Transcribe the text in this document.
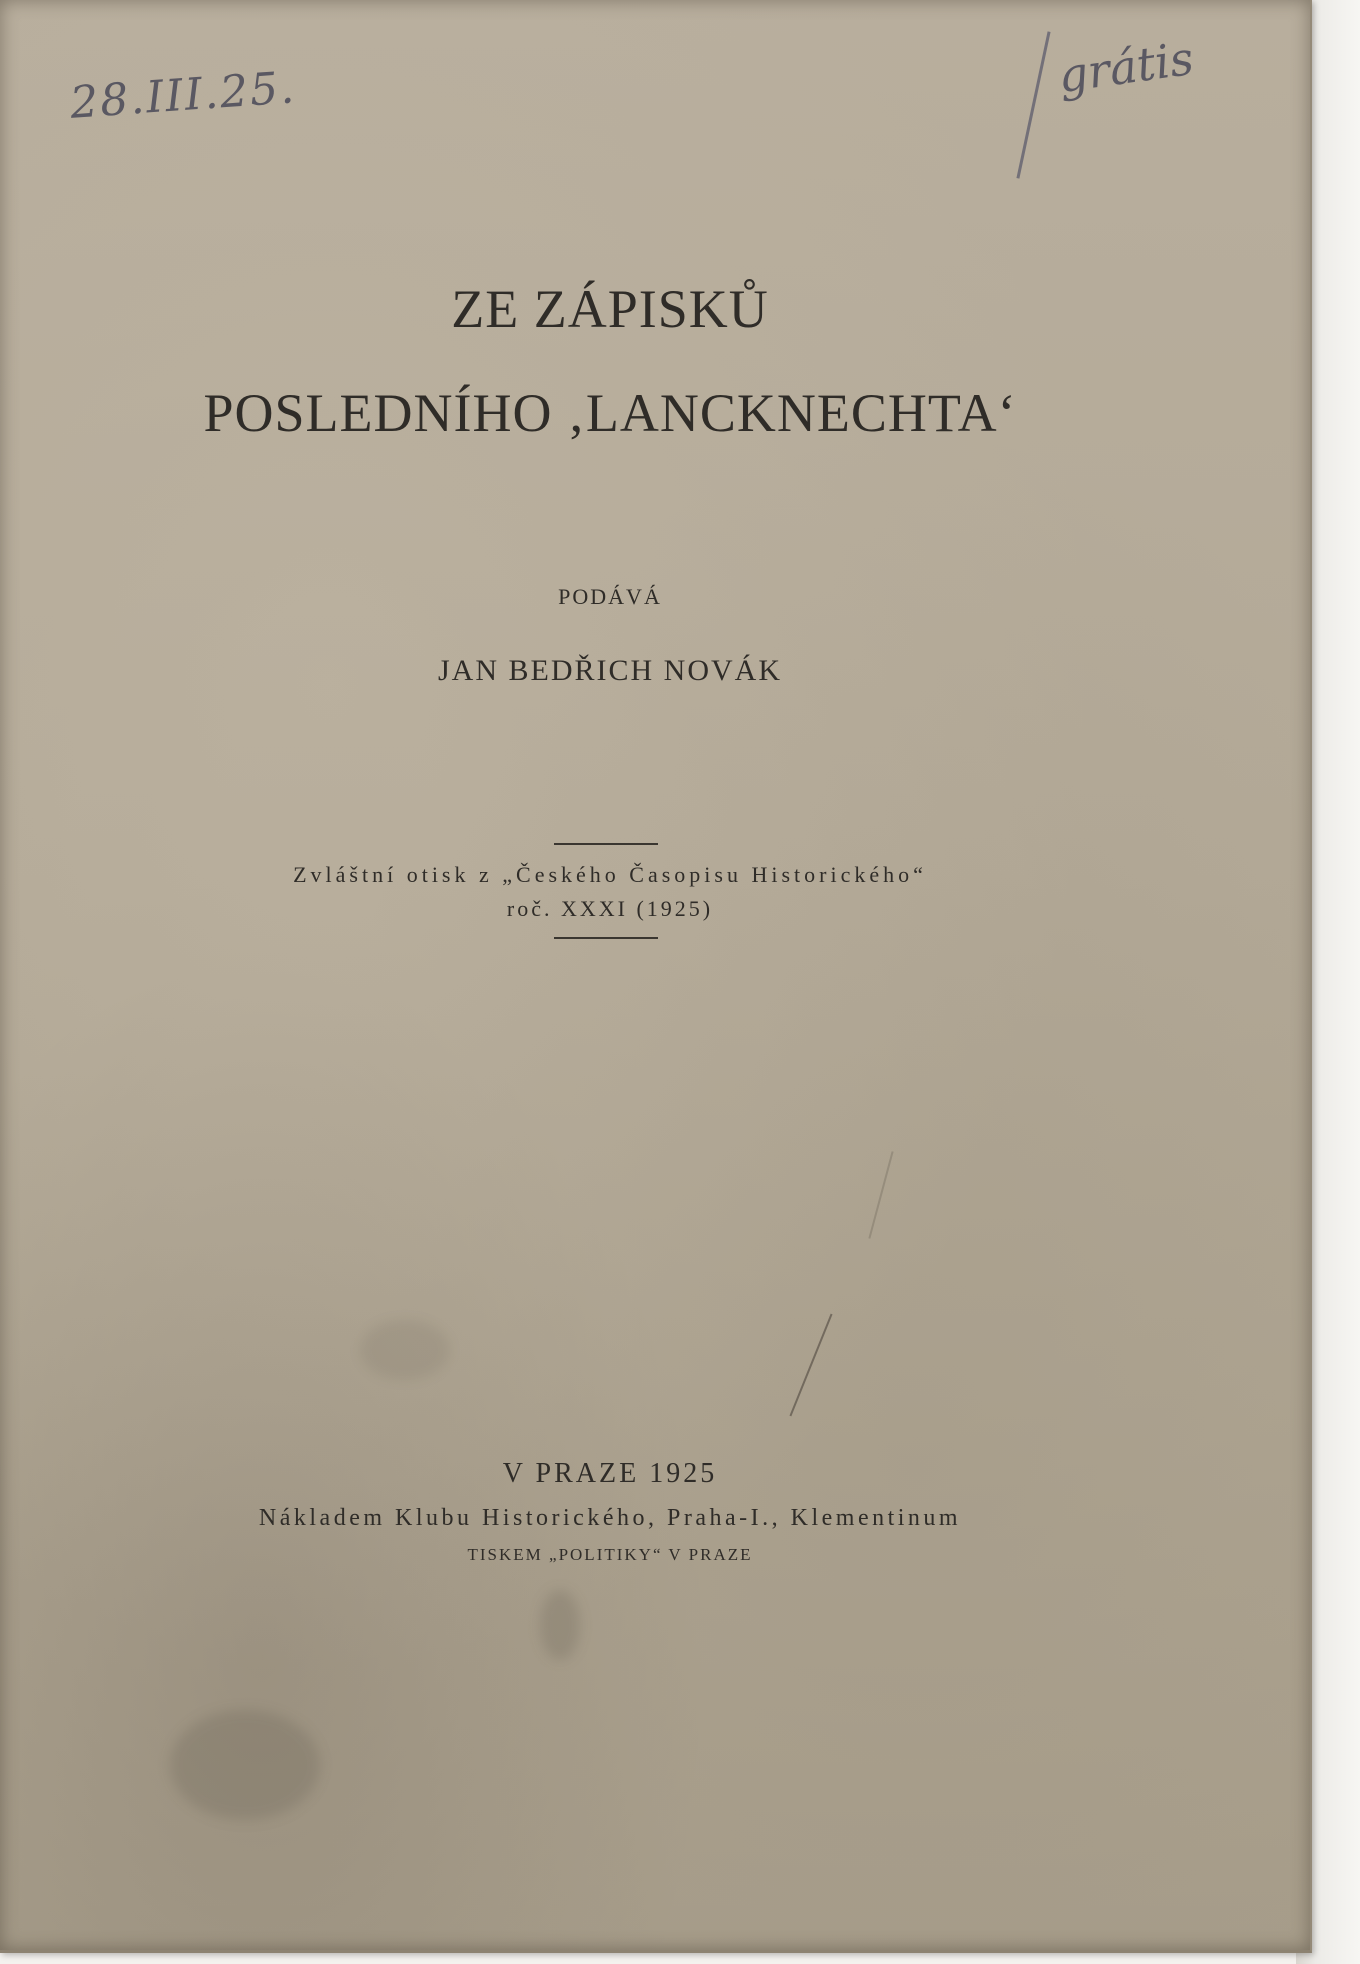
28.III.25.	grátis
ZE ZÁPISKŮ
POSLEDNÍHO ‚LANCKNECHTA‘
PODÁVÁ
JAN BEDŘICH NOVÁK
Zvláštní otisk z „Českého Časopisu Historického“
roč. XXXI (1925)
V PRAZE 1925
Nákladem Klubu Historického, Praha-I., Klementinum
TISKEM „POLITIKY“ V PRAZE
